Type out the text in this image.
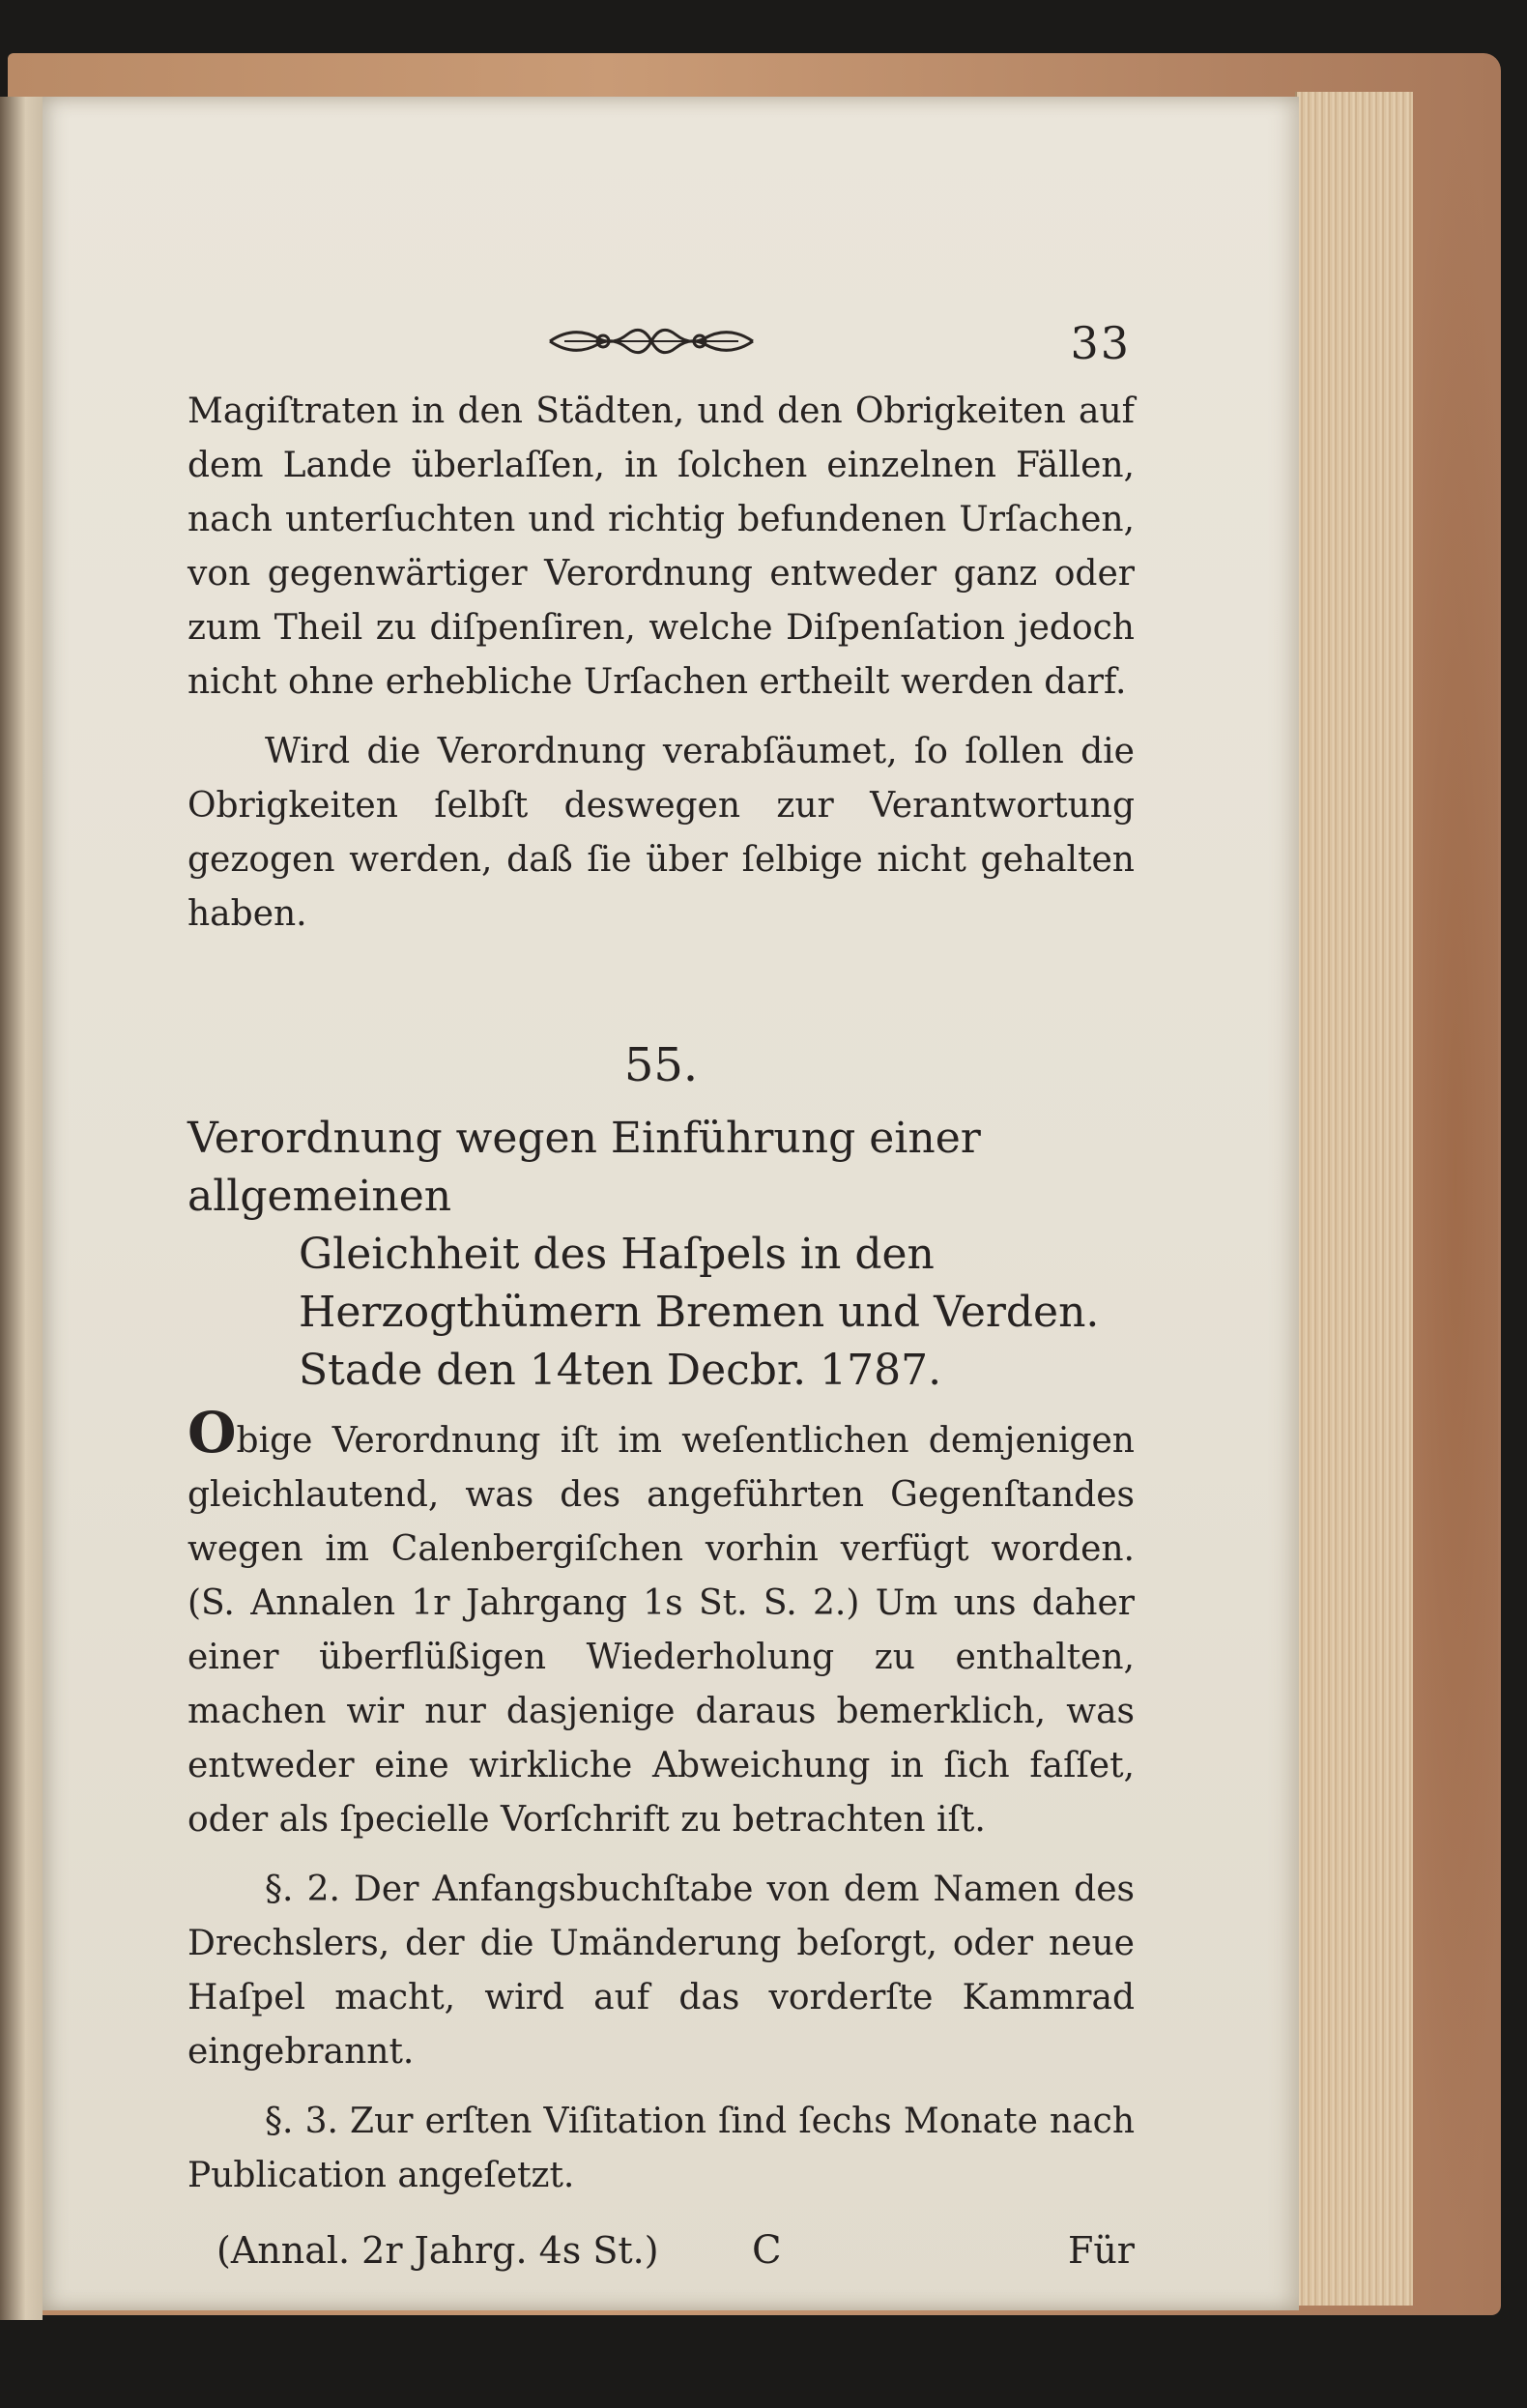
33

Magiſtraten in den Städten, und den Obrigkeiten auf dem Lande überlaſſen, in ſolchen einzelnen Fällen, nach unterſuchten und richtig befundenen Urſachen, von gegenwärtiger Verordnung entweder ganz oder zum Theil zu diſpenſiren, welche Diſpenſation jedoch nicht ohne erhebliche Urſachen ertheilt werden darf.

Wird die Verordnung verabſäumet, ſo ſollen die Obrigkeiten ſelbſt deswegen zur Verantwortung gezogen werden, daß ſie über ſelbige nicht gehalten haben.

55.
Verordnung wegen Einführung einer allgemeinen
Gleichheit des Haſpels in den Herzogthümern Bremen und Verden. Stade den 14ten Decbr. 1787.

Obige Verordnung iſt im weſentlichen demjenigen gleichlautend, was des angeführten Gegenſtandes wegen im Calenbergiſchen vorhin verfügt worden. (S. Annalen 1r Jahrgang 1s St. S. 2.) Um uns daher einer überflüßigen Wiederholung zu enthalten, machen wir nur dasjenige daraus bemerklich, was entweder eine wirkliche Abweichung in ſich faſſet, oder als ſpecielle Vorſchrift zu betrachten iſt.

§. 2. Der Anfangsbuchſtabe von dem Namen des Drechslers, der die Umänderung beſorgt, oder neue Haſpel macht, wird auf das vorderſte Kammrad eingebrannt.

§. 3. Zur erſten Viſitation ſind ſechs Monate nach Publication angeſetzt.

(Annal. 2r Jahrg. 4s St.) C	Für
